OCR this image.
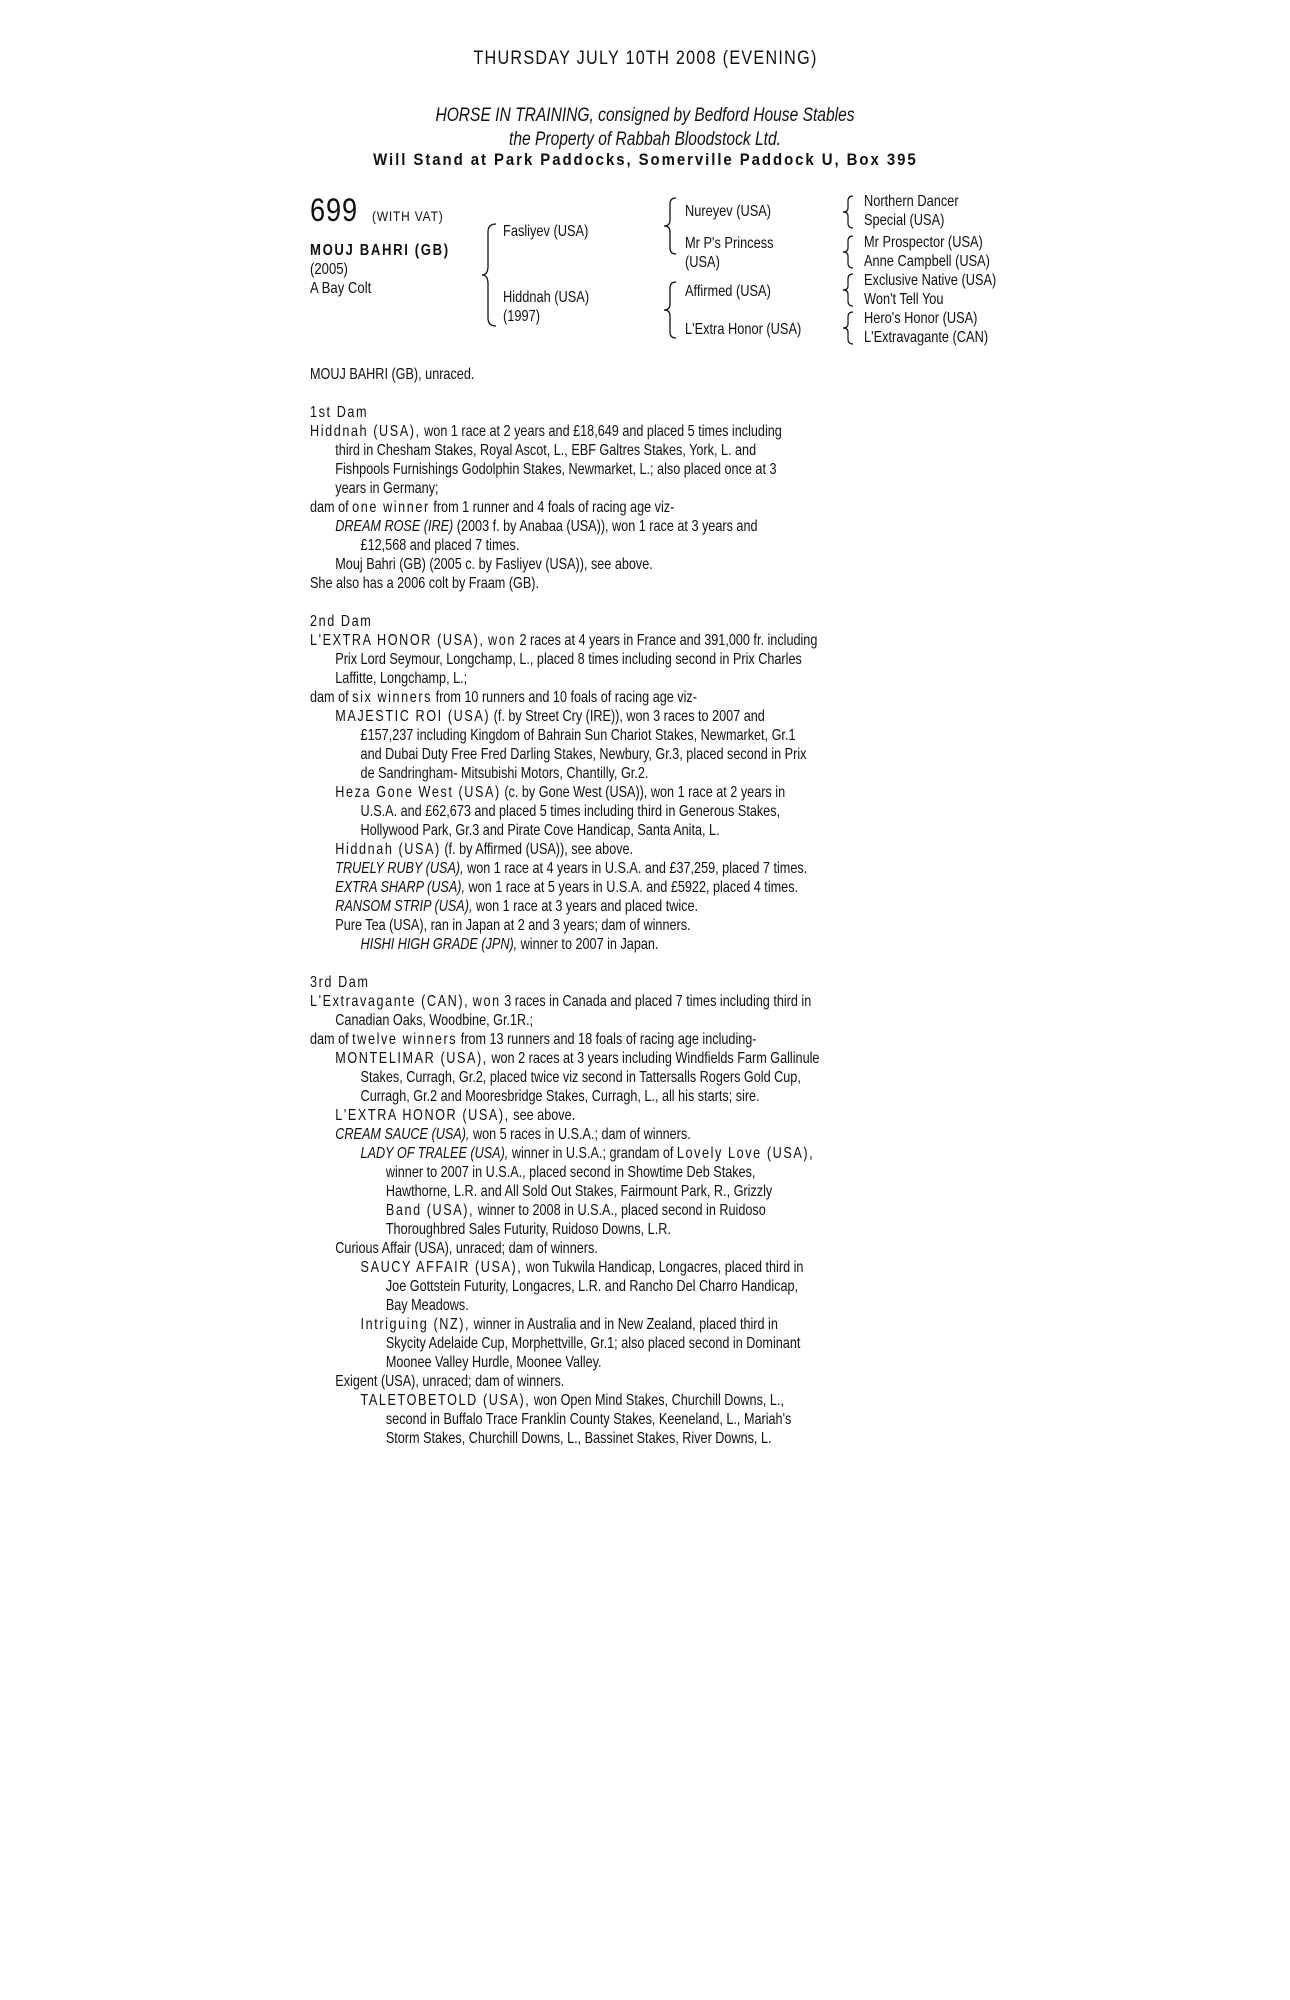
THURSDAY JULY 10TH 2008 (EVENING)
HORSE IN TRAINING, consigned by Bedford House Stables
the Property of Rabbah Bloodstock Ltd.
Will Stand at Park Paddocks, Somerville Paddock U, Box 395
699 (WITH VAT)
MOUJ BAHRI (GB)
(2005)
A Bay Colt
Fasliyev (USA)
Hiddnah (USA)
(1997)
Nureyev (USA)
Mr P's Princess
(USA)
Affirmed (USA)
L'Extra Honor (USA)
Northern Dancer
Special (USA)
Mr Prospector (USA)
Anne Campbell (USA)
Exclusive Native (USA)
Won't Tell You
Hero's Honor (USA)
L'Extravagante (CAN)
MOUJ BAHRI (GB), unraced.
1st Dam
Hiddnah (USA), won 1 race at 2 years and £18,649 and placed 5 times including
third in Chesham Stakes, Royal Ascot, L., EBF Galtres Stakes, York, L. and
Fishpools Furnishings Godolphin Stakes, Newmarket, L.; also placed once at 3
years in Germany;
dam of one winner from 1 runner and 4 foals of racing age viz-
DREAM ROSE (IRE) (2003 f. by Anabaa (USA)), won 1 race at 3 years and
£12,568 and placed 7 times.
Mouj Bahri (GB) (2005 c. by Fasliyev (USA)), see above.
She also has a 2006 colt by Fraam (GB).
2nd Dam
L'EXTRA HONOR (USA), won 2 races at 4 years in France and 391,000 fr. including
Prix Lord Seymour, Longchamp, L., placed 8 times including second in Prix Charles
Laffitte, Longchamp, L.;
dam of six winners from 10 runners and 10 foals of racing age viz-
MAJESTIC ROI (USA) (f. by Street Cry (IRE)), won 3 races to 2007 and
£157,237 including Kingdom of Bahrain Sun Chariot Stakes, Newmarket, Gr.1
and Dubai Duty Free Fred Darling Stakes, Newbury, Gr.3, placed second in Prix
de Sandringham- Mitsubishi Motors, Chantilly, Gr.2.
Heza Gone West (USA) (c. by Gone West (USA)), won 1 race at 2 years in
U.S.A. and £62,673 and placed 5 times including third in Generous Stakes,
Hollywood Park, Gr.3 and Pirate Cove Handicap, Santa Anita, L.
Hiddnah (USA) (f. by Affirmed (USA)), see above.
TRUELY RUBY (USA), won 1 race at 4 years in U.S.A. and £37,259, placed 7 times.
EXTRA SHARP (USA), won 1 race at 5 years in U.S.A. and £5922, placed 4 times.
RANSOM STRIP (USA), won 1 race at 3 years and placed twice.
Pure Tea (USA), ran in Japan at 2 and 3 years; dam of winners.
HISHI HIGH GRADE (JPN), winner to 2007 in Japan.
3rd Dam
L'Extravagante (CAN), won 3 races in Canada and placed 7 times including third in
Canadian Oaks, Woodbine, Gr.1R.;
dam of twelve winners from 13 runners and 18 foals of racing age including-
MONTELIMAR (USA), won 2 races at 3 years including Windfields Farm Gallinule
Stakes, Curragh, Gr.2, placed twice viz second in Tattersalls Rogers Gold Cup,
Curragh, Gr.2 and Mooresbridge Stakes, Curragh, L., all his starts; sire.
L'EXTRA HONOR (USA), see above.
CREAM SAUCE (USA), won 5 races in U.S.A.; dam of winners.
LADY OF TRALEE (USA), winner in U.S.A.; grandam of Lovely Love (USA),
winner to 2007 in U.S.A., placed second in Showtime Deb Stakes,
Hawthorne, L.R. and All Sold Out Stakes, Fairmount Park, R., Grizzly
Band (USA), winner to 2008 in U.S.A., placed second in Ruidoso
Thoroughbred Sales Futurity, Ruidoso Downs, L.R.
Curious Affair (USA), unraced; dam of winners.
SAUCY AFFAIR (USA), won Tukwila Handicap, Longacres, placed third in
Joe Gottstein Futurity, Longacres, L.R. and Rancho Del Charro Handicap,
Bay Meadows.
Intriguing (NZ), winner in Australia and in New Zealand, placed third in
Skycity Adelaide Cup, Morphettville, Gr.1; also placed second in Dominant
Moonee Valley Hurdle, Moonee Valley.
Exigent (USA), unraced; dam of winners.
TALETOBETOLD (USA), won Open Mind Stakes, Churchill Downs, L.,
second in Buffalo Trace Franklin County Stakes, Keeneland, L., Mariah's
Storm Stakes, Churchill Downs, L., Bassinet Stakes, River Downs, L.
